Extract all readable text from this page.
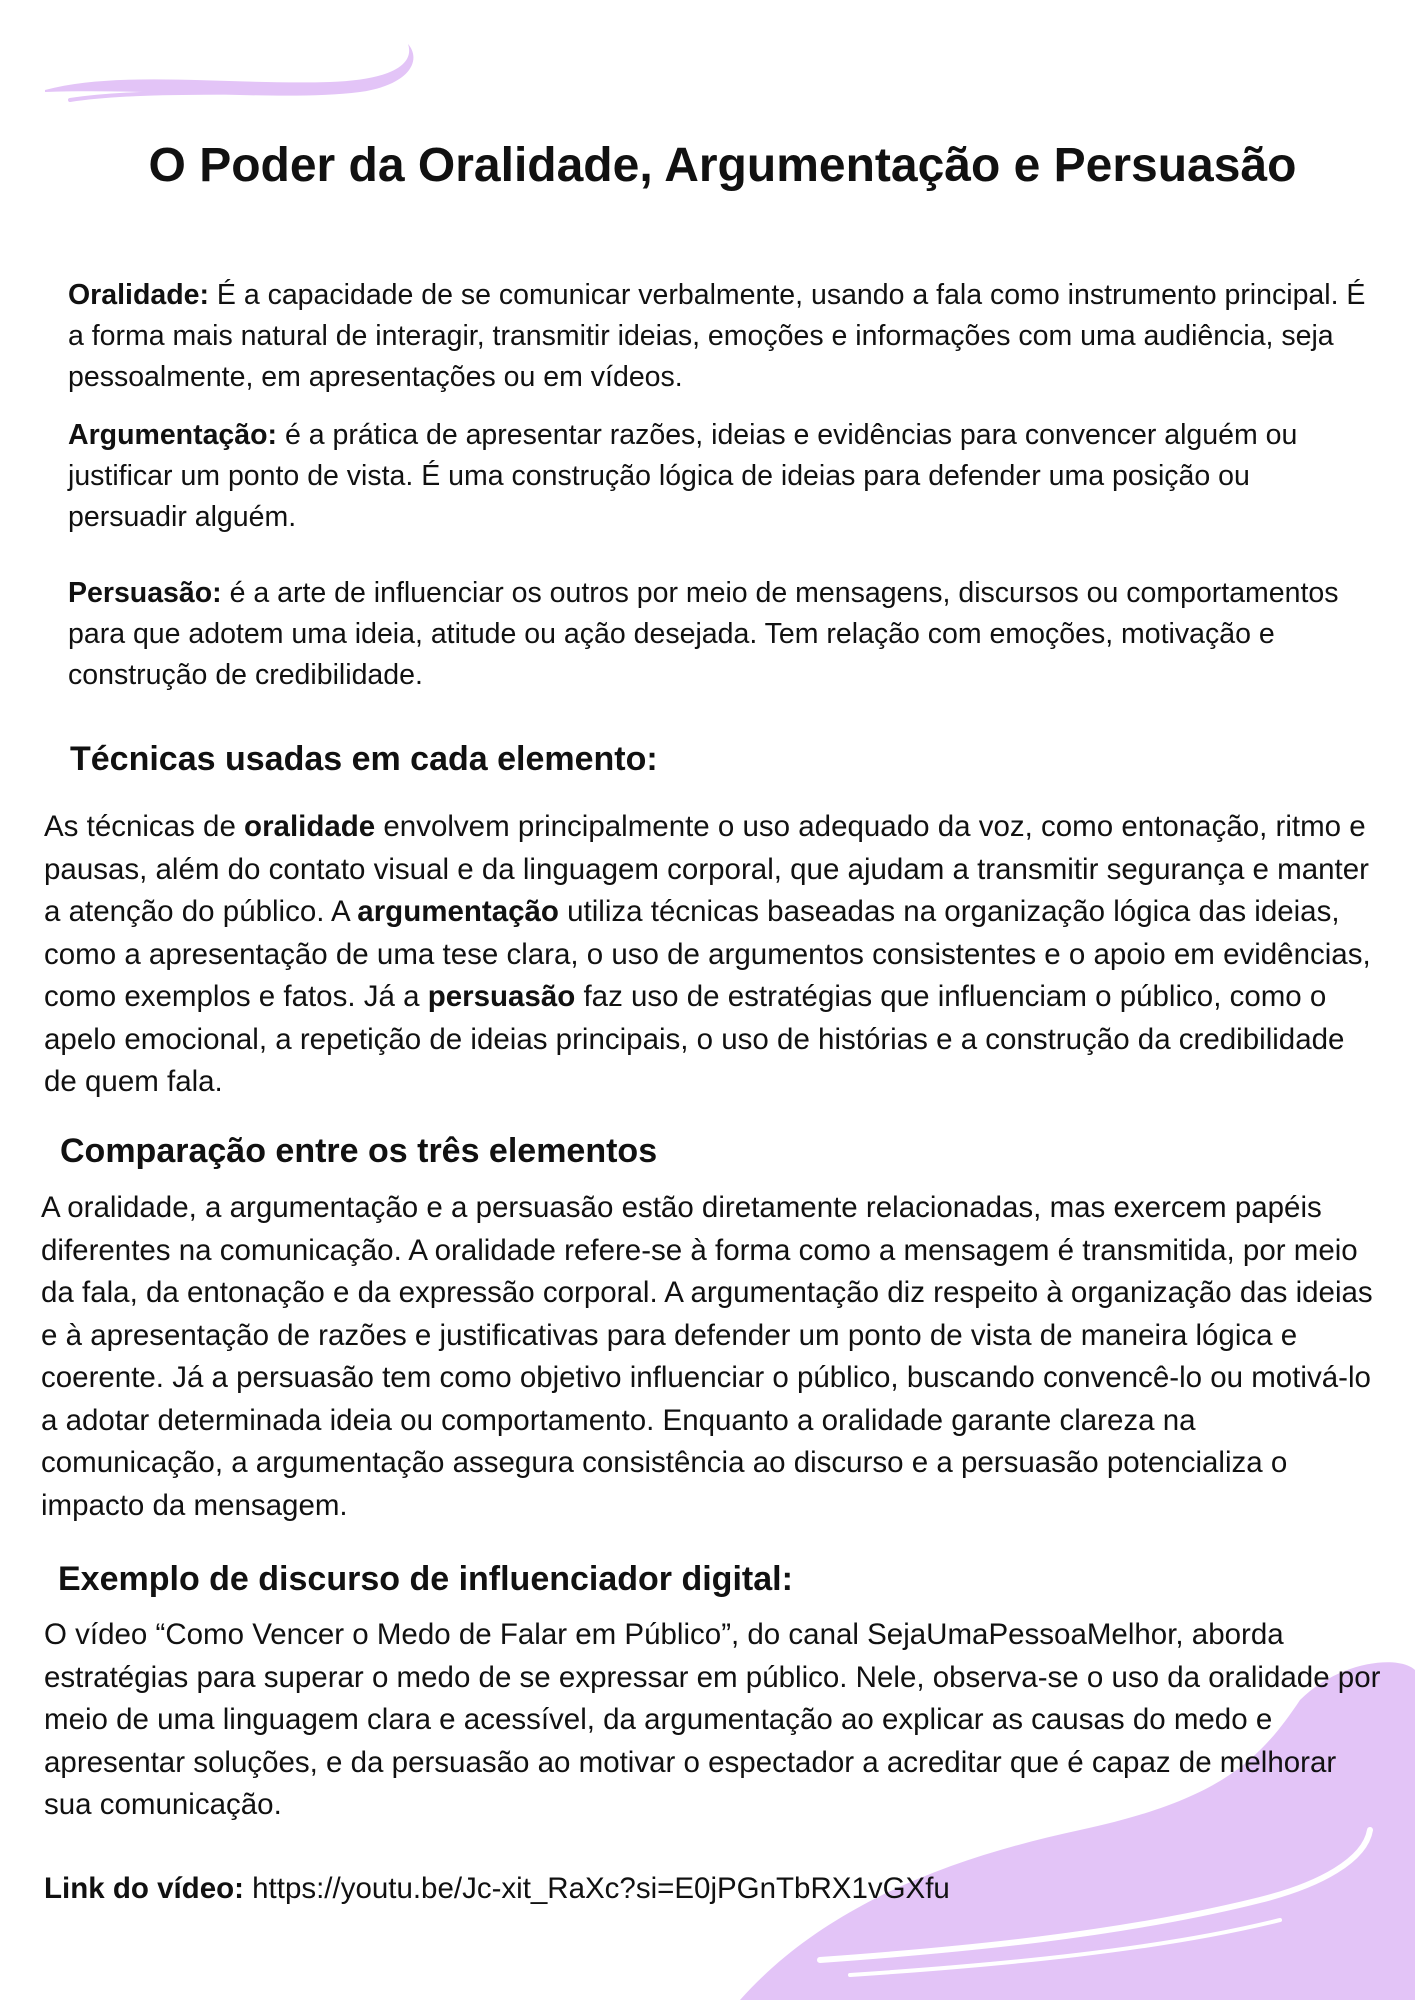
O Poder da Oralidade, Argumentação e Persuasão

Oralidade: É a capacidade de se comunicar verbalmente, usando a fala como instrumento principal. É a forma mais natural de interagir, transmitir ideias, emoções e informações com uma audiência, seja pessoalmente, em apresentações ou em vídeos.

Argumentação: é a prática de apresentar razões, ideias e evidências para convencer alguém ou justificar um ponto de vista. É uma construção lógica de ideias para defender uma posição ou persuadir alguém.

Persuasão: é a arte de influenciar os outros por meio de mensagens, discursos ou comportamentos para que adotem uma ideia, atitude ou ação desejada. Tem relação com emoções, motivação e construção de credibilidade.

Técnicas usadas em cada elemento:

As técnicas de oralidade envolvem principalmente o uso adequado da voz, como entonação, ritmo e pausas, além do contato visual e da linguagem corporal, que ajudam a transmitir segurança e manter a atenção do público. A argumentação utiliza técnicas baseadas na organização lógica das ideias, como a apresentação de uma tese clara, o uso de argumentos consistentes e o apoio em evidências, como exemplos e fatos. Já a persuasão faz uso de estratégias que influenciam o público, como o apelo emocional, a repetição de ideias principais, o uso de histórias e a construção da credibilidade de quem fala.

Comparação entre os três elementos

A oralidade, a argumentação e a persuasão estão diretamente relacionadas, mas exercem papéis diferentes na comunicação. A oralidade refere-se à forma como a mensagem é transmitida, por meio da fala, da entonação e da expressão corporal. A argumentação diz respeito à organização das ideias e à apresentação de razões e justificativas para defender um ponto de vista de maneira lógica e coerente. Já a persuasão tem como objetivo influenciar o público, buscando convencê-lo ou motivá-lo a adotar determinada ideia ou comportamento. Enquanto a oralidade garante clareza na comunicação, a argumentação assegura consistência ao discurso e a persuasão potencializa o impacto da mensagem.

Exemplo de discurso de influenciador digital:

O vídeo “Como Vencer o Medo de Falar em Público”, do canal SejaUmaPessoaMelhor, aborda estratégias para superar o medo de se expressar em público. Nele, observa-se o uso da oralidade por meio de uma linguagem clara e acessível, da argumentação ao explicar as causas do medo e apresentar soluções, e da persuasão ao motivar o espectador a acreditar que é capaz de melhorar sua comunicação.

Link do vídeo: https://youtu.be/Jc-xit_RaXc?si=E0jPGnTbRX1vGXfu
